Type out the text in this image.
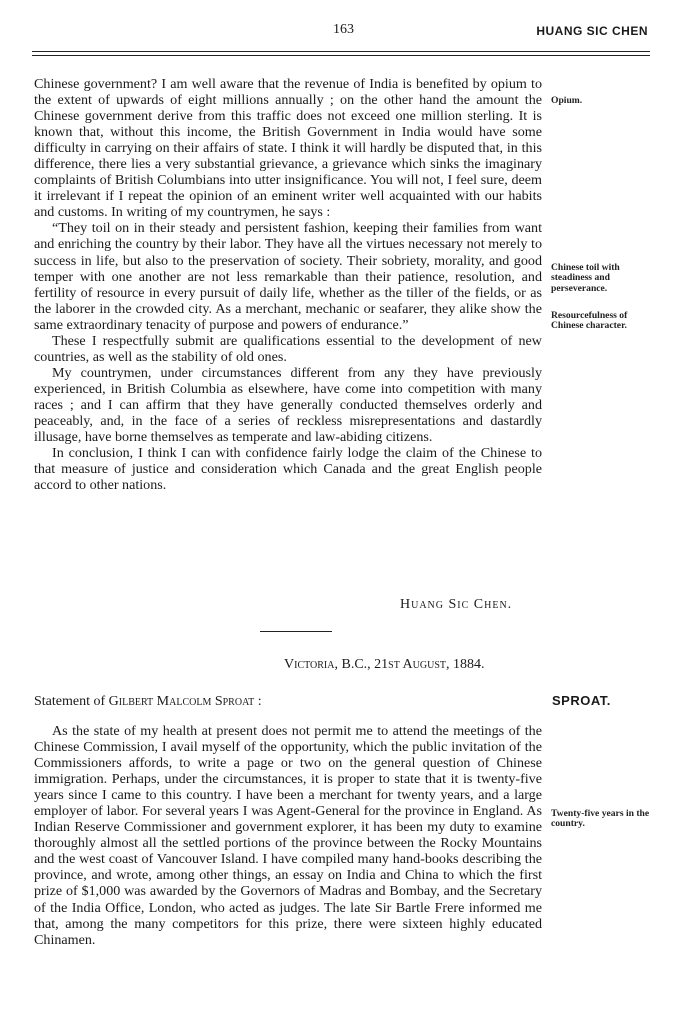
163	HUANG SIC CHEN

Chinese government? I am well aware that the revenue of India is benefited by opium to the extent of upwards of eight millions annually ; on the other hand the amount the Chinese government derive from this traffic does not exceed one million sterling. It is known that, without this income, the British Government in India would have some difficulty in carrying on their affairs of state. I think it will hardly be disputed that, in this difference, there lies a very substantial grievance, a grievance which sinks the imaginary complaints of British Columbians into utter insignificance. You will not, I feel sure, deem it irrelevant if I repeat the opinion of an eminent writer well acquainted with our habits and customs. In writing of my countrymen, he says :

“They toil on in their steady and persistent fashion, keeping their families from want and enriching the country by their labor. They have all the virtues necessary not merely to success in life, but also to the preservation of society. Their sobriety, morality, and good temper with one another are not less remarkable than their patience, resolution, and fertility of resource in every pursuit of daily life, whether as the tiller of the fields, or as the laborer in the crowded city. As a merchant, mechanic or seafarer, they alike show the same extraordinary tenacity of purpose and powers of endurance.”

These I respectfully submit are qualifications essential to the development of new countries, as well as the stability of old ones.

My countrymen, under circumstances different from any they have previously experienced, in British Columbia as elsewhere, have come into competition with many races ; and I can affirm that they have generally conducted themselves orderly and peaceably, and, in the face of a series of reckless misrepresentations and dastardly illusage, have borne themselves as temperate and law-abiding citizens.

In conclusion, I think I can with confidence fairly lodge the claim of the Chinese to that measure of justice and consideration which Canada and the great English people accord to other nations.

Opium.
Chinese toil with steadiness and perseverance.
Resourcefulness of Chinese character.
Huang Sic Chen.
Victoria, B.C., 21st August, 1884.
Statement of Gilbert Malcolm Sproat :	SPROAT.

As the state of my health at present does not permit me to attend the meetings of the Chinese Commission, I avail myself of the opportunity, which the public invitation of the Commissioners affords, to write a page or two on the general question of Chinese immigration. Perhaps, under the circumstances, it is proper to state that it is twenty-five years since I came to this country. I have been a merchant for twenty years, and a large employer of labor. For several years I was Agent-General for the province in England. As Indian Reserve Commissioner and government explorer, it has been my duty to examine thoroughly almost all the settled portions of the province between the Rocky Mountains and the west coast of Vancouver Island. I have compiled many hand-books describing the province, and wrote, among other things, an essay on India and China to which the first prize of $1,000 was awarded by the Governors of Madras and Bombay, and the Secretary of the India Office, London, who acted as judges. The late Sir Bartle Frere informed me that, among the many competitors for this prize, there were sixteen highly educated Chinamen.

Twenty-five years in the country.
